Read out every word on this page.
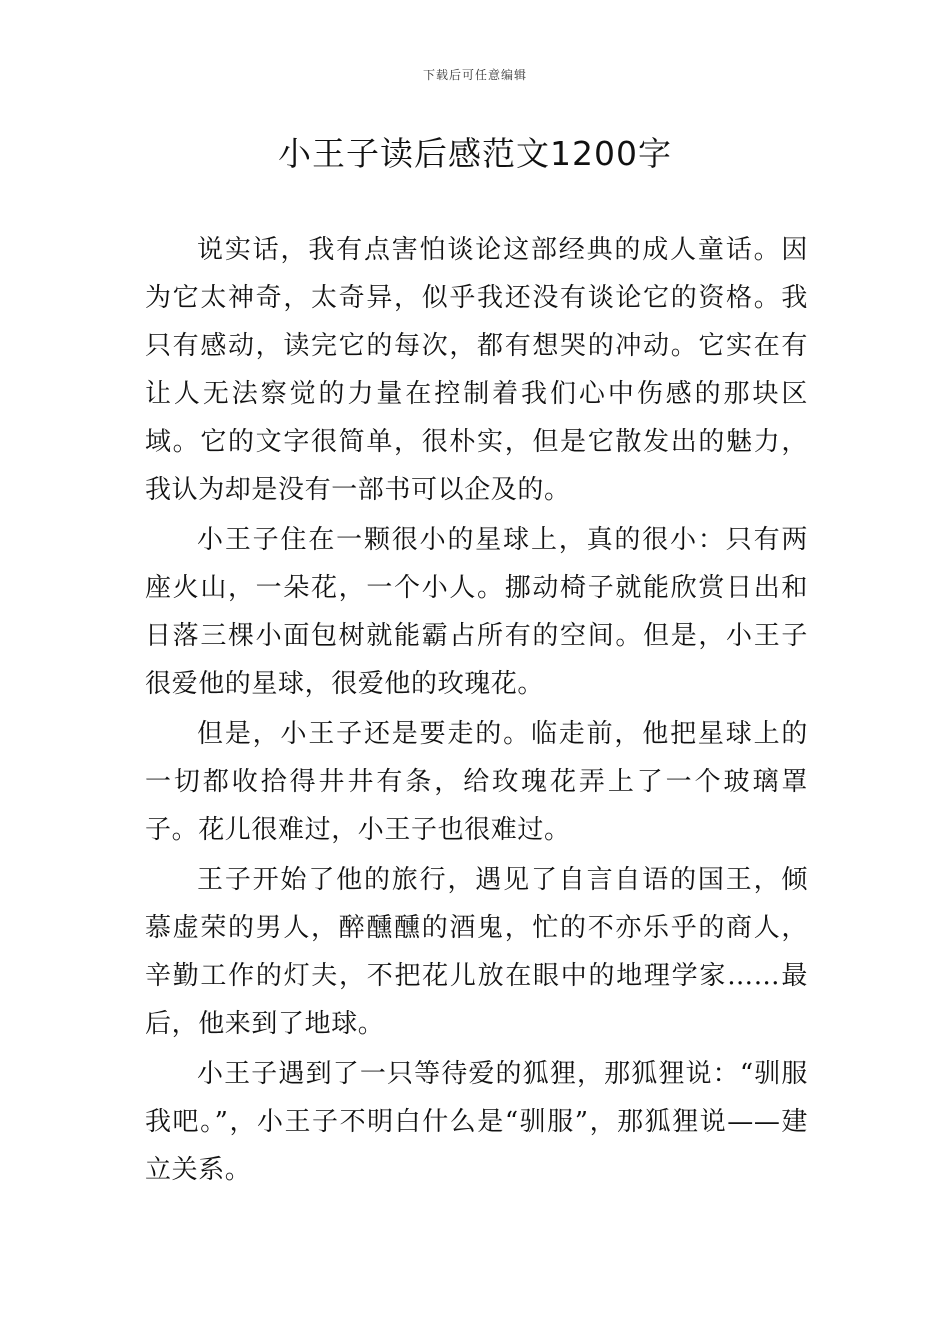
下载后可任意编辑
小王子读后感范文1200字

说实话，我有点害怕谈论这部经典的成人童话。因为它太神奇，太奇异，似乎我还没有谈论它的资格。我只有感动，读完它的每次，都有想哭的冲动。它实在有让人无法察觉的力量在控制着我们心中伤感的那块区域。它的文字很简单，很朴实，但是它散发出的魅力，我认为却是没有一部书可以企及的。

小王子住在一颗很小的星球上，真的很小：只有两座火山，一朵花，一个小人。挪动椅子就能欣赏日出和日落三棵小面包树就能霸占所有的空间。但是，小王子很爱他的星球，很爱他的玫瑰花。

但是，小王子还是要走的。临走前，他把星球上的一切都收拾得井井有条，给玫瑰花弄上了一个玻璃罩子。花儿很难过，小王子也很难过。

王子开始了他的旅行，遇见了自言自语的国王，倾慕虚荣的男人，醉醺醺的酒鬼，忙的不亦乐乎的商人，辛勤工作的灯夫，不把花儿放在眼中的地理学家……最后，他来到了地球。

小王子遇到了一只等待爱的狐狸，那狐狸说：“驯服我吧。”，小王子不明白什么是“驯服”，那狐狸说——建立关系。
